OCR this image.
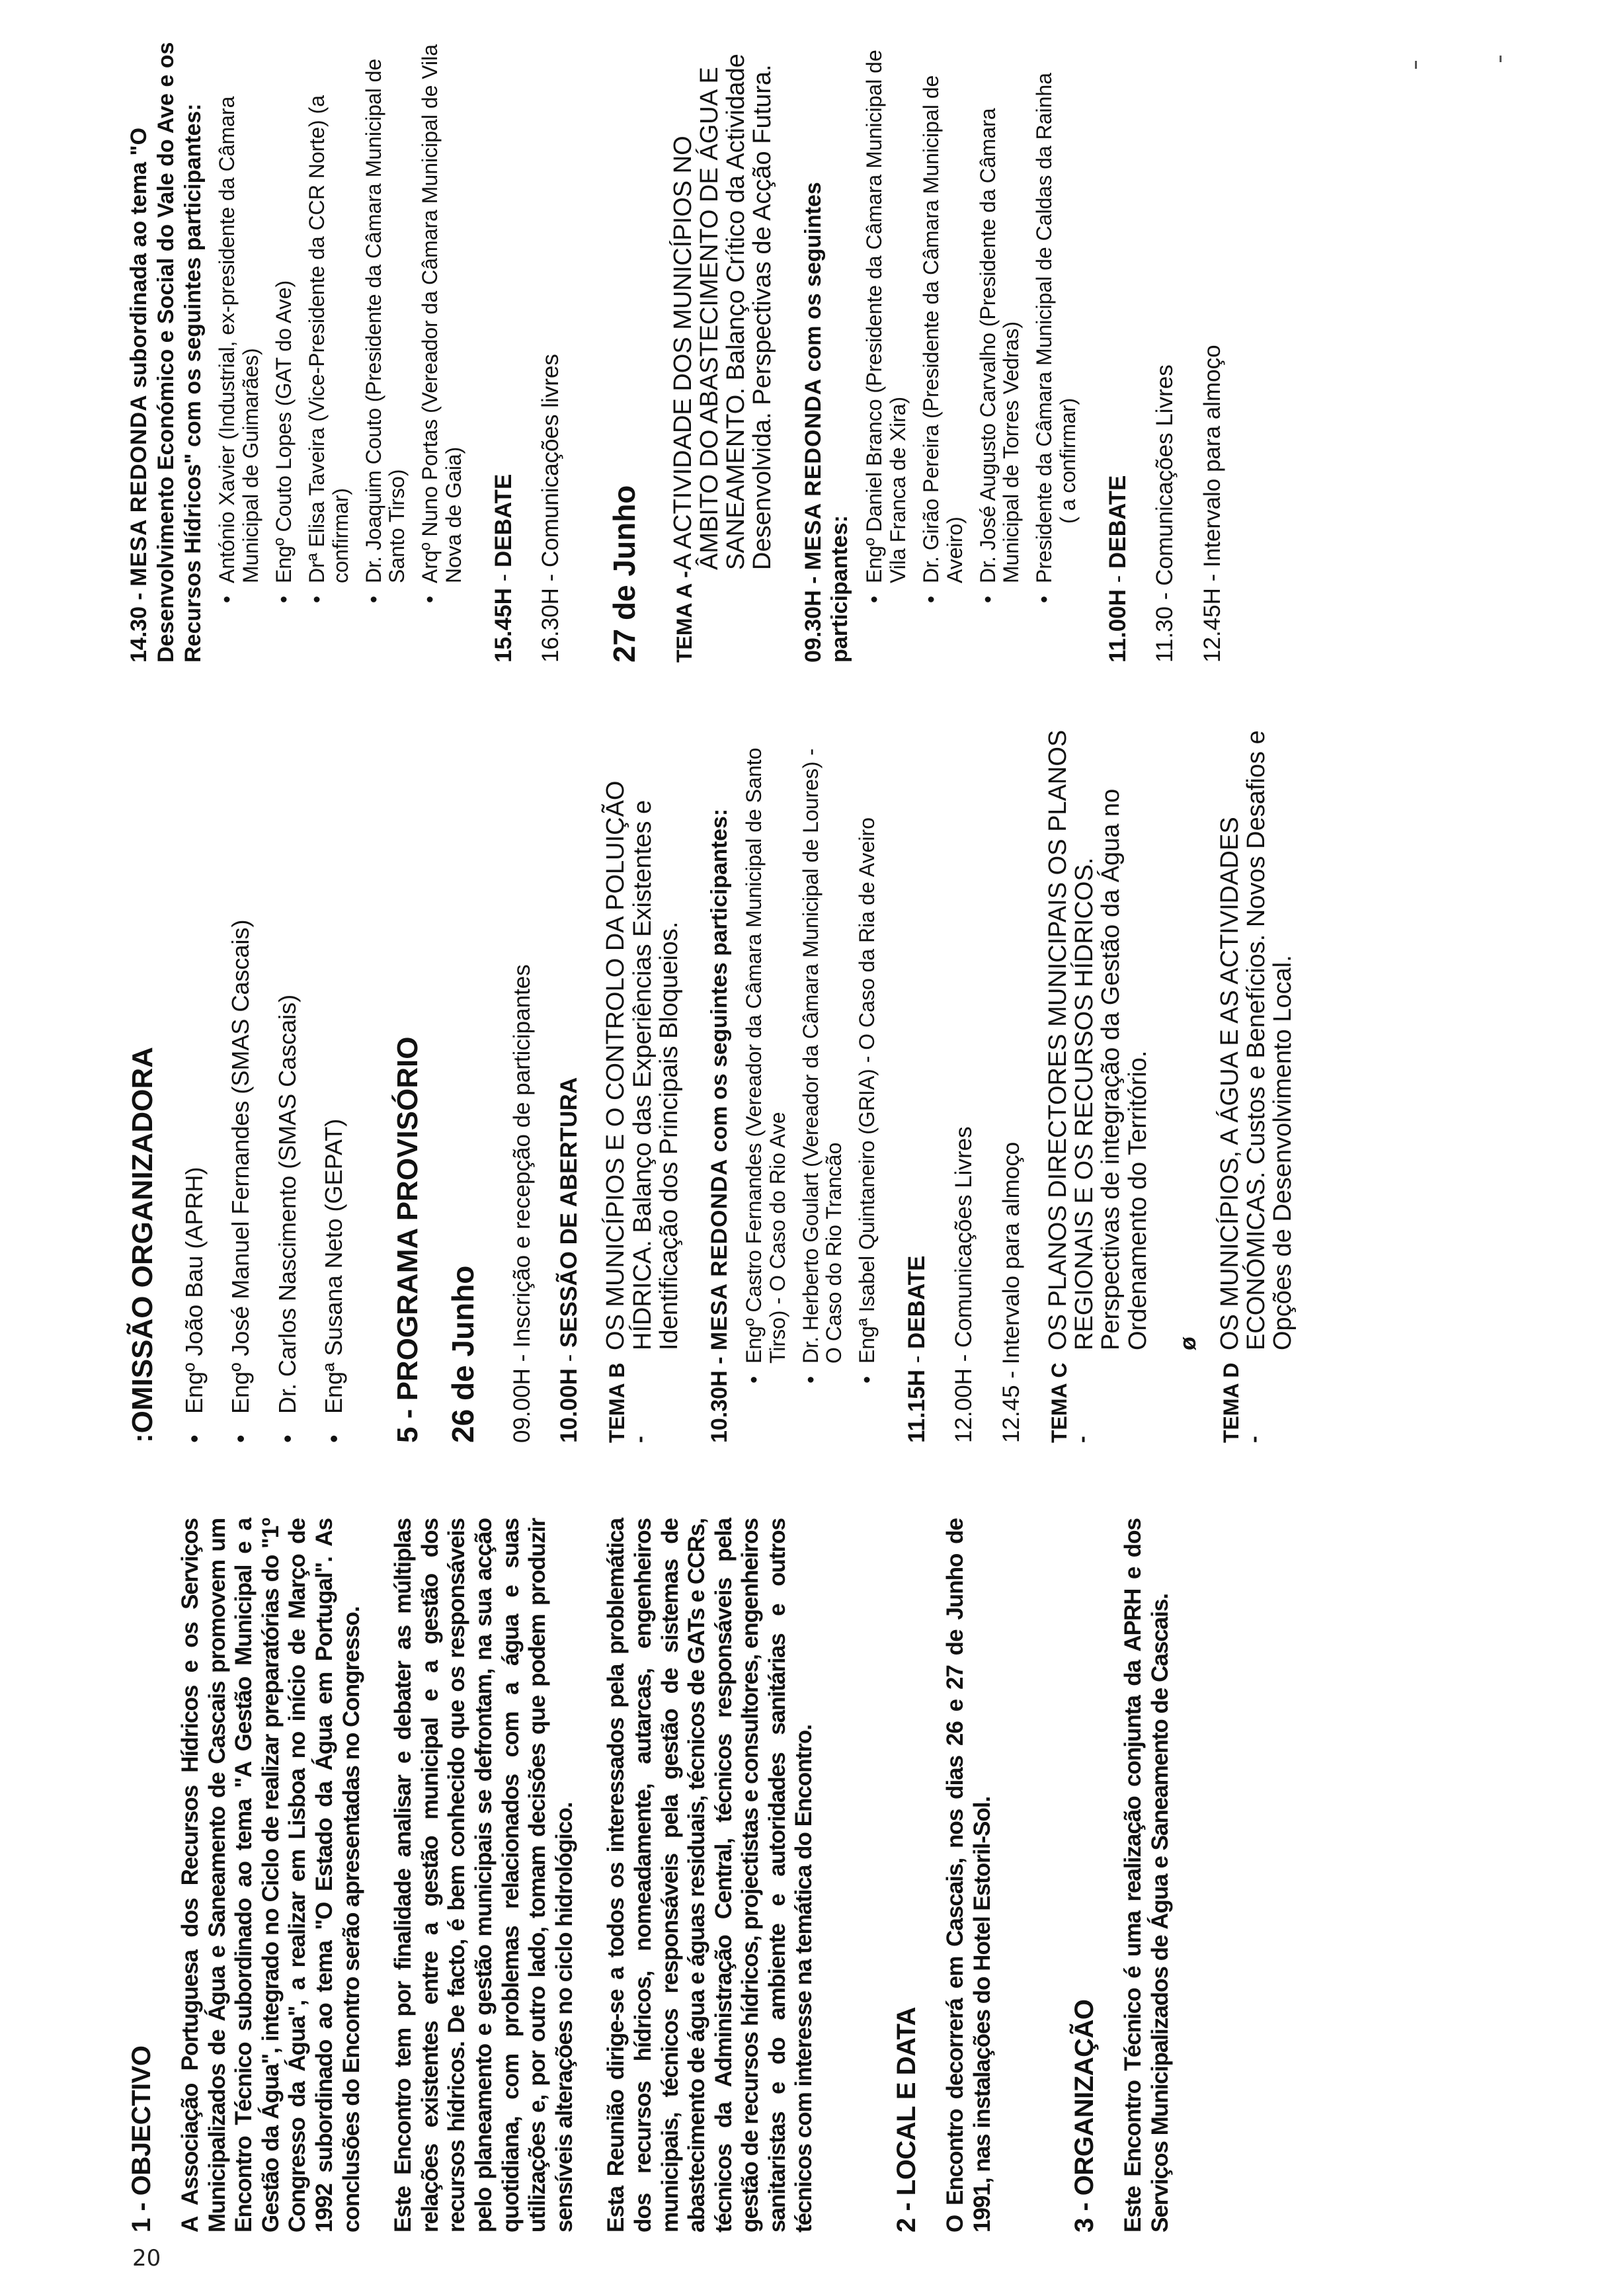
1 - OBJECTIVO A Associação Portuguesa dos Recursos Hídricos e os Serviços Municipalizados de Água e Saneamento de Cascais promovem um Encontro Técnico subordinado ao tema "A Gestão Municipal e a Gestão da Água", integrado no Ciclo de realizar preparatórias do "1º Congresso da Água", a realizar em Lisboa no início de Março de 1992 subordinado ao tema "O Estado da Água em Portugal". As conclusões do Encontro serão apresentadas no Congresso. Este Encontro tem por finalidade analisar e debater as múltiplas relações existentes entre a gestão municipal e a gestão dos recursos hídricos. De facto, é bem conhecido que os responsáveis pelo planeamento e gestão municipais se defrontam, na sua acção quotidiana, com problemas relacionados com a água e suas utilizações e, por outro lado, tomam decisões que podem produzir sensíveis alterações no ciclo hidrológico. Esta Reunião dirige-se a todos os interessados pela problemática dos recursos hídricos, nomeadamente, autarcas, engenheiros municipais, técnicos responsáveis pela gestão de sistemas de abastecimento de água e águas residuais, técnicos de GATs e CCRs, técnicos da Administração Central, técnicos responsáveis pela gestão de recursos hídricos, projectistas e consultores, engenheiros sanitaristas e do ambiente e autoridades sanitárias e outros técnicos com interesse na temática do Encontro.	2 - LOCAL E DATA O Encontro decorrerá em Cascais, nos dias 26 e 27 de Junho de 1991, nas instalações do Hotel Estoril-Sol.	3 - ORGANIZAÇÃO Este Encontro Técnico é uma realização conjunta da APRH e dos Serviços Municipalizados de Água e Saneamento de Cascais.

:OMISSÃO ORGANIZADORA •
Engº João Bau (APRH)
•
Engº José Manuel Fernandes (SMAS Cascais)
•
Dr. Carlos Nascimento (SMAS Cascais)
•
Engª Susana Neto (GEPAT) 5 - PROGRAMA PROVISÓRIO 26 de Junho 09.00H - Inscrição e recepção de participantes
10.00H - SESSÃO DE ABERTURA
TEMA B -
OS MUNICÍPIOS E O CONTROLO DA POLUIÇÃO HÍDRICA. Balanço das Experiências Existentes e Identificação dos Principais Bloqueios.
10.30H - MESA REDONDA com os seguintes participantes:
•
Engº Castro Fernandes (Vereador da Câmara Municipal de Santo Tirso) - O Caso do Rio Ave
•
Dr. Herberto Goulart (Vereador da Câmara Municipal de Loures) - O Caso do Rio Trancão
•
Engª Isabel Quintaneiro (GRIA) - O Caso da Ria de Aveiro
11.15H - DEBATE
12.00H - Comunicações Livres
12.45 - Intervalo para almoço
TEMA C -
OS PLANOS DIRECTORES MUNICIPAIS OS PLANOS REGIONAIS E OS RECURSOS HÍDRICOS. Perspectivas de integração da Gestão da Água no Ordenamento do Território. ø
TEMA D -
OS MUNICÍPIOS, A ÁGUA E AS ACTIVIDADES ECONÓMICAS. Custos e Benefícios. Novos Desafios e Opções de Desenvolvimento Local.
14.30 - MESA REDONDA subordinada ao tema "O Desenvolvimento Económico e Social do Vale do Ave e os Recursos Hídricos" com os seguintes participantes: •
António Xavier (Industrial, ex-presidente da Câmara Municipal de Guimarães)
•
Engº Couto Lopes (GAT do Ave)
•
Drª Elisa Taveira (Vice-Presidente da CCR Norte) (a confirmar)
•
Dr. Joaquim Couto (Presidente da Câmara Municipal de Santo Tirso)
•
Arqº Nuno Portas (Vereador da Câmara Municipal de Vila Nova de Gaia)
15.45H - DEBATE
16.30H - Comunicações livres
27 de Junho TEMA A -
A ACTIVIDADE DOS MUNICÍPIOS NO ÂMBITO DO ABASTECIMENTO DE ÁGUA E SANEAMENTO. Balanço Crítico da Actividade Desenvolvida. Perspectivas de Acção Futura.
09.30H - MESA REDONDA com os seguintes participantes: •
Engº Daniel Branco (Presidente da Câmara Municipal de Vila Franca de Xira)
•
Dr. Girão Pereira (Presidente da Câmara Municipal de Aveiro)
•
Dr. José Augusto Carvalho (Presidente da Câmara Municipal de Torres Vedras)
•
Presidente da Câmara Municipal de Caldas da Rainha ( a confirmar)
11.00H - DEBATE
11.30 - Comunicações Livres
12.45H - Intervalo para almoço
20
